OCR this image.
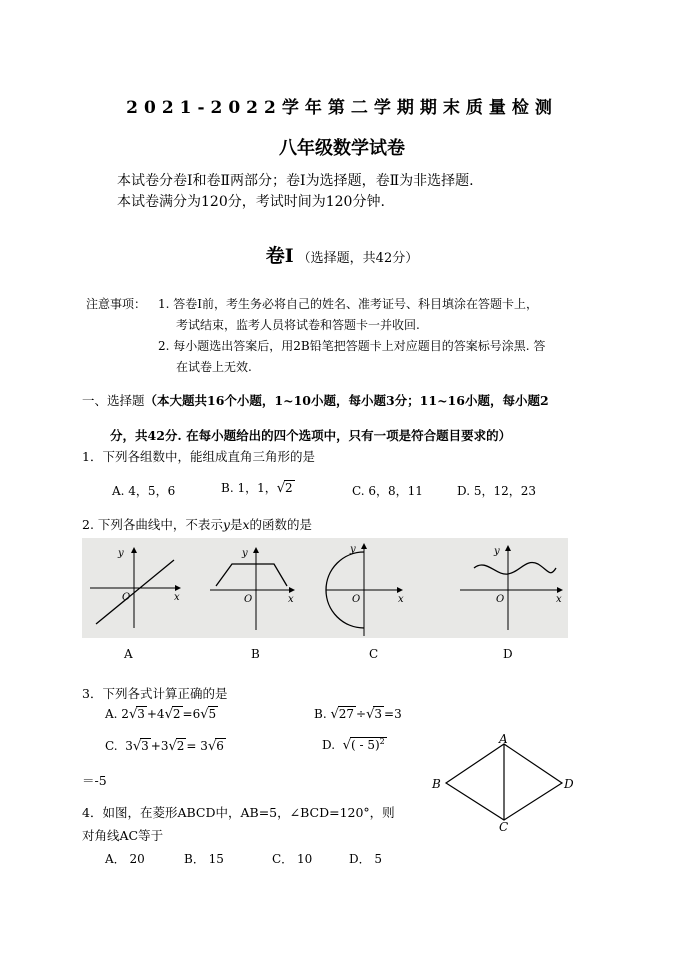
2021-2022学年第二学期期末质量检测
八年级数学试卷
本试卷分卷Ⅰ和卷Ⅱ两部分；卷Ⅰ为选择题，卷Ⅱ为非选择题.
本试卷满分为120分，考试时间为120分钟.
卷Ⅰ （选择题，共42分）
注意事项： 1. 答卷Ⅰ前，考生务必将自己的姓名、准考证号、科目填涂在答题卡上，
考试结束，监考人员将试卷和答题卡一并收回.
2. 每小题选出答案后，用2B铅笔把答题卡上对应题目的答案标号涂黑. 答
在试卷上无效.
一、选择题（本大题共16个小题，1~10小题，每小题3分；11~16小题，每小题2
分，共42分. 在每小题给出的四个选项中，只有一项是符合题目要求的）
1．下列各组数中，能组成直角三角形的是
A. 4，5，6	B. 1，1，√2	C. 6，8，11	D. 5，12，23
2. 下列各曲线中，不表示y是x的函数的是
y
O	x
y
O	x
y
O	x
y
O	x
A	B	C	D
3．下列各式计算正确的是
A. 2√3 +4√2 =6√5	B. √27 ÷√3 =3
C.  3√3 +3√2 = 3√6	D. √( - 5)$^2$
＝-5
A
B
C
D
4．如图，在菱形ABCD中，AB=5，∠BCD=120°，则
对角线AC等于
A． 20	B． 15	C． 10	D． 5
